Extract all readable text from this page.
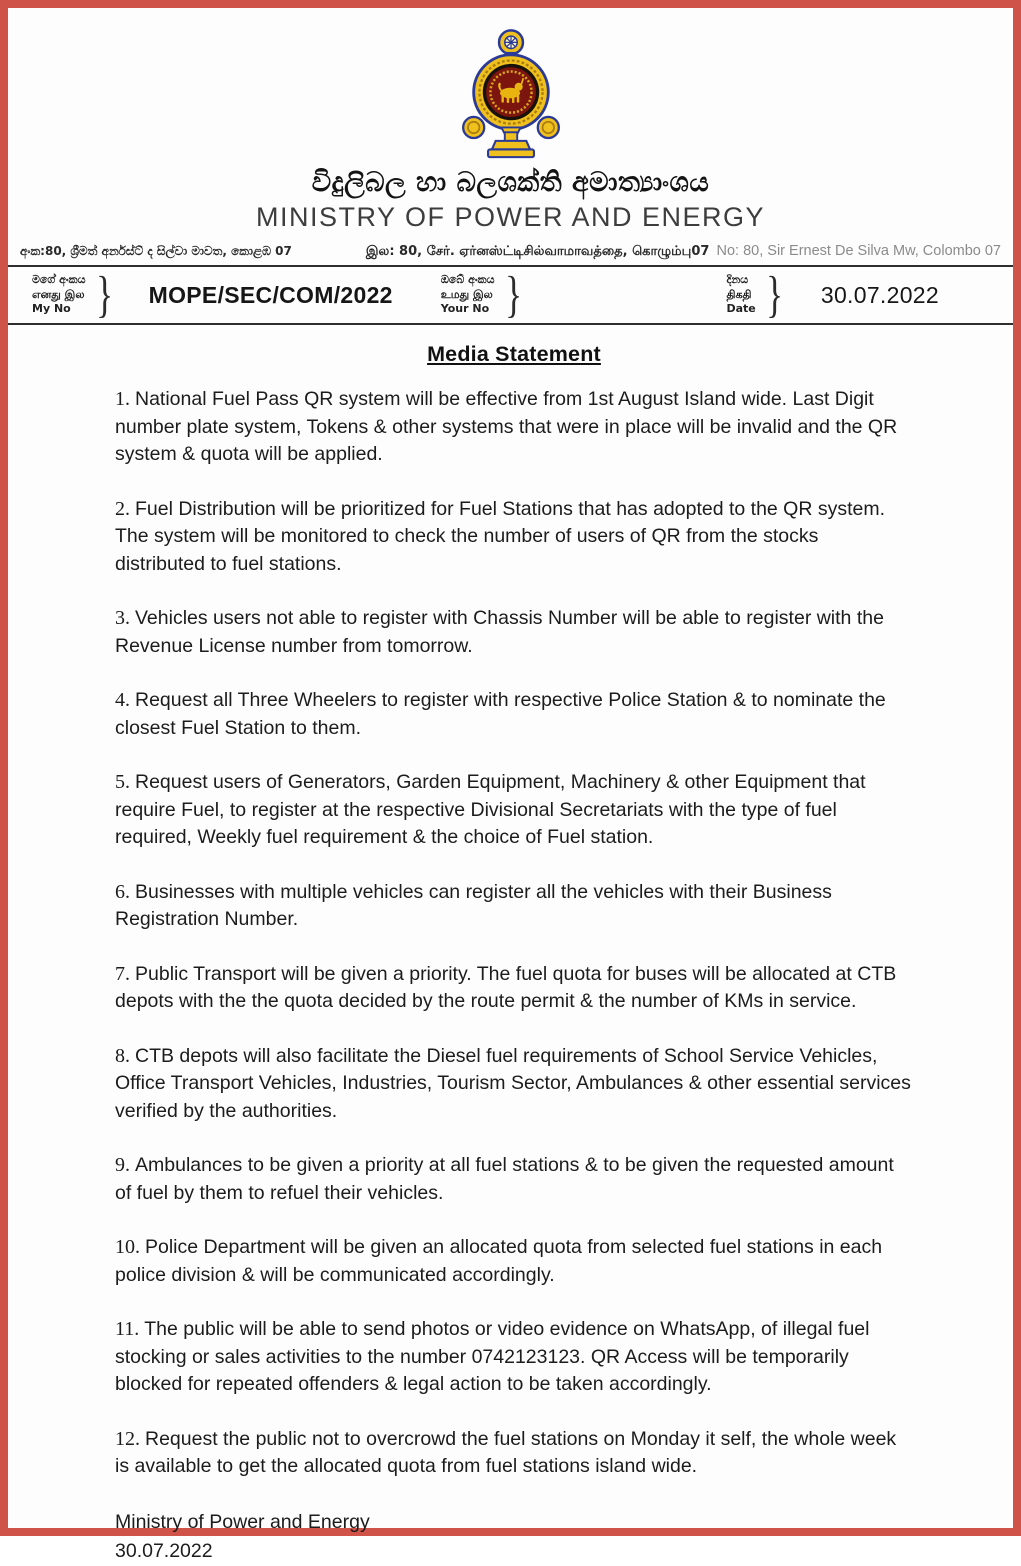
විදුලිබල හා බලශක්ති අමාත්‍යාංශය
MINISTRY OF POWER AND ENERGY
අංක:80, ශ්‍රීමත් අර්නස්ට් ද සිල්වා මාවත, කොළඹ 07	இல: 80, சேர். ஏர்னஸ்ட்டிசில்வாமாவத்தை, கொழும்பு07 No: 80, Sir Ernest De Silva Mw, Colombo 07
මගේ අංකය
எனது இல
My No } MOPE/SEC/COM/2022
ඔබේ අංකය
உமது இல
Your No }	දිනය
திகதி
Date } 30.07.2022
Media Statement
1. National Fuel Pass QR system will be effective from 1st August Island wide. Last Digit number plate system, Tokens & other systems that were in place will be invalid and the QR system & quota will be applied.
2. Fuel Distribution will be prioritized for Fuel Stations that has adopted to the QR system. The system will be monitored to check the number of users of QR from the stocks distributed to fuel stations.
3. Vehicles users not able to register with Chassis Number will be able to register with the Revenue License number from tomorrow.
4. Request all Three Wheelers to register with respective Police Station & to nominate the closest Fuel Station to them.
5. Request users of Generators, Garden Equipment, Machinery & other Equipment that require Fuel, to register at the respective Divisional Secretariats with the type of fuel required, Weekly fuel requirement & the choice of Fuel station.
6. Businesses with multiple vehicles can register all the vehicles with their Business Registration Number.
7. Public Transport will be given a priority. The fuel quota for buses will be allocated at CTB depots with the the quota decided by the route permit & the number of KMs in service.
8. CTB depots will also facilitate the Diesel fuel requirements of School Service Vehicles, Office Transport Vehicles, Industries, Tourism Sector, Ambulances & other essential services verified by the authorities.
9. Ambulances to be given a priority at all fuel stations & to be given the requested amount of fuel by them to refuel their vehicles.
10. Police Department will be given an allocated quota from selected fuel stations in each police division & will be communicated accordingly.
11. The public will be able to send photos or video evidence on WhatsApp, of illegal fuel stocking or sales activities to the number 0742123123. QR Access will be temporarily blocked for repeated offenders & legal action to be taken accordingly.
12. Request the public not to overcrowd the fuel stations on Monday it self, the whole week is available to get the allocated quota from fuel stations island wide.
Ministry of Power and Energy
30.07.2022
